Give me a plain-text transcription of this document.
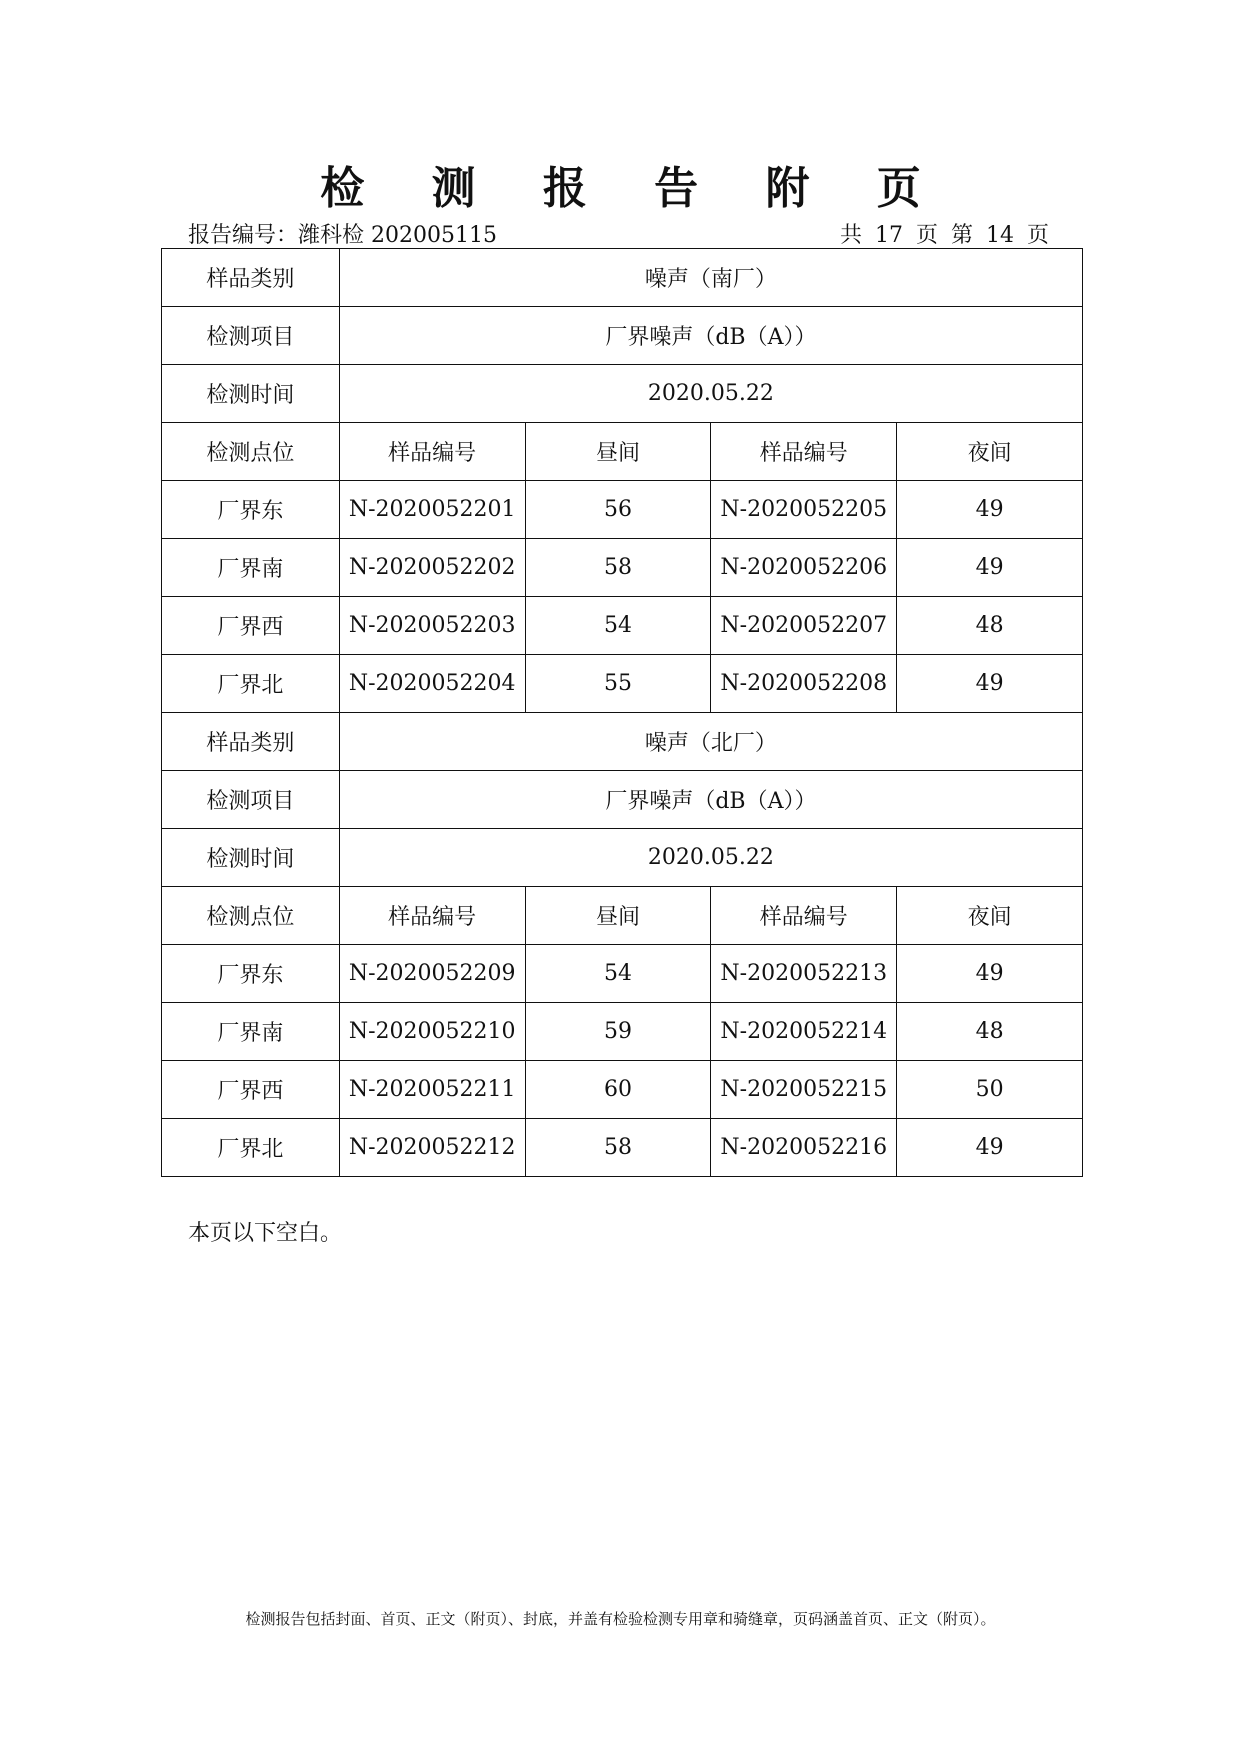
检 测 报 告 附 页
报告编号：潍科检 202005115	共 17 页 第 14 页
样品类别	噪声（南厂）			
检测项目	厂界噪声（dB（A））			
检测时间	2020.05.22			
检测点位	样品编号	昼间	样品编号	夜间
厂界东	N-2020052201	56	N-2020052205	49
厂界南	N-2020052202	58	N-2020052206	49
厂界西	N-2020052203	54	N-2020052207	48
厂界北	N-2020052204	55	N-2020052208	49
样品类别	噪声（北厂）			
检测项目	厂界噪声（dB（A））			
检测时间	2020.05.22			
检测点位	样品编号	昼间	样品编号	夜间
厂界东	N-2020052209	54	N-2020052213	49
厂界南	N-2020052210	59	N-2020052214	48
厂界西	N-2020052211	60	N-2020052215	50
厂界北	N-2020052212	58	N-2020052216	49
本页以下空白。
检测报告包括封面、首页、正文（附页）、封底，并盖有检验检测专用章和骑缝章，页码涵盖首页、正文（附页）。
